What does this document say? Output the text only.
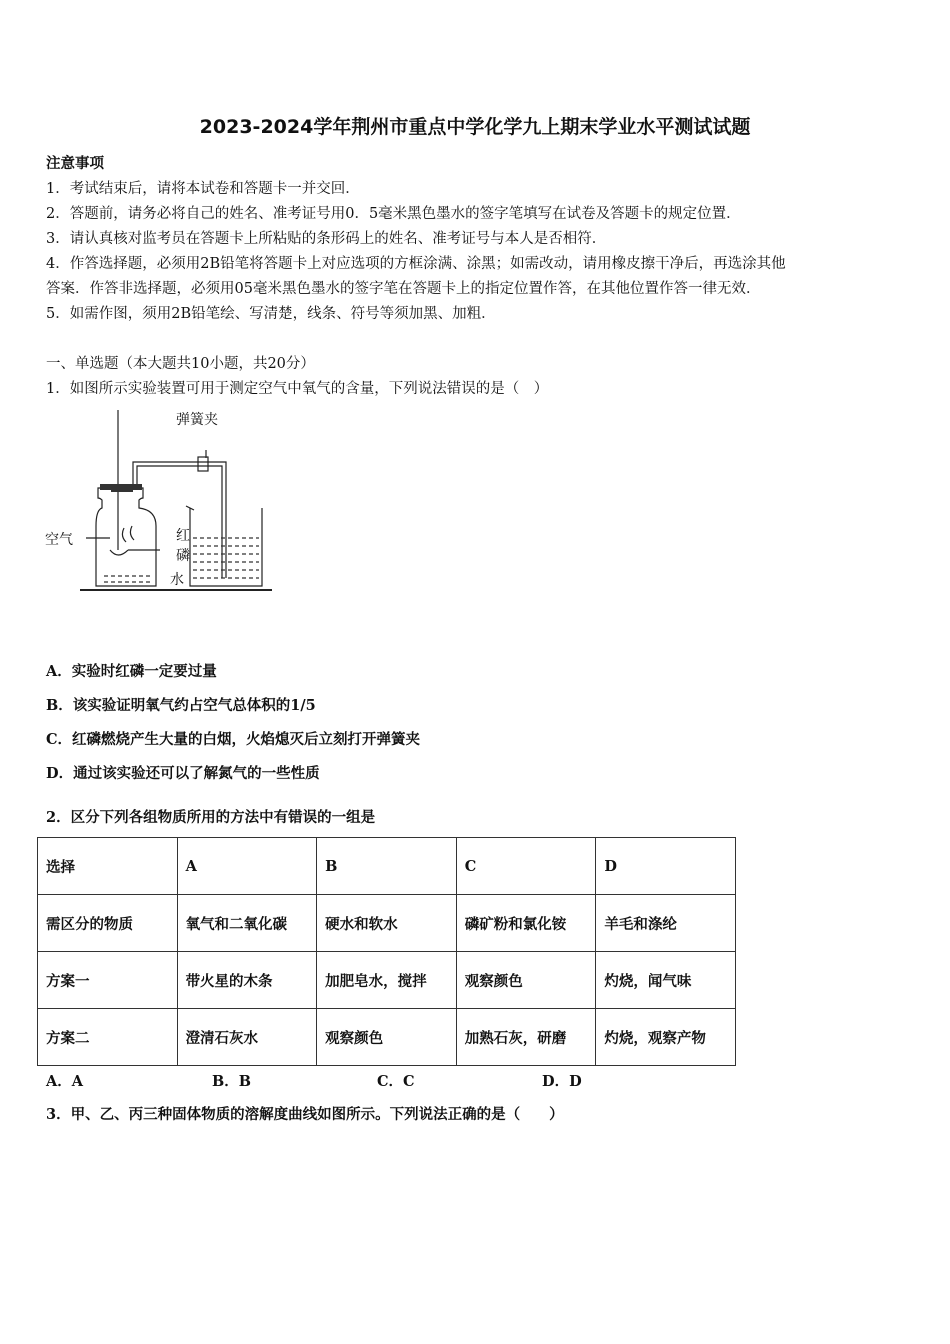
2023-2024学年荆州市重点中学化学九上期末学业水平测试试题
注意事项
1．考试结束后，请将本试卷和答题卡一并交回．
2．答题前，请务必将自己的姓名、准考证号用0．5毫米黑色墨水的签字笔填写在试卷及答题卡的规定位置．
3．请认真核对监考员在答题卡上所粘贴的条形码上的姓名、准考证号与本人是否相符．
4．作答选择题，必须用2B铅笔将答题卡上对应选项的方框涂满、涂黑；如需改动，请用橡皮擦干净后，再选涂其他
答案．作答非选择题，必须用05毫米黑色墨水的签字笔在答题卡上的指定位置作答，在其他位置作答一律无效．
5．如需作图，须用2B铅笔绘、写清楚，线条、符号等须加黑、加粗．
一、单选题（本大题共10小题，共20分）
1．如图所示实验装置可用于测定空气中氧气的含量，下列说法错误的是（　）
弹簧夹
空气	红
磷
水
A．实验时红磷一定要过量
B．该实验证明氧气约占空气总体积的1/5
C．红磷燃烧产生大量的白烟，火焰熄灭后立刻打开弹簧夹
D．通过该实验还可以了解氮气的一些性质
2．区分下列各组物质所用的方法中有错误的一组是
选择	A	B	C	D
需区分的物质	氧气和二氧化碳	硬水和软水	磷矿粉和氯化铵	羊毛和涤纶
方案一	带火星的木条	加肥皂水，搅拌	观察颜色	灼烧，闻气味
方案二	澄清石灰水	观察颜色	加熟石灰，研磨	灼烧，观察产物
A．A	B．B	C．C	D．D
3．甲、乙、丙三种固体物质的溶解度曲线如图所示。下列说法正确的是（　　）
